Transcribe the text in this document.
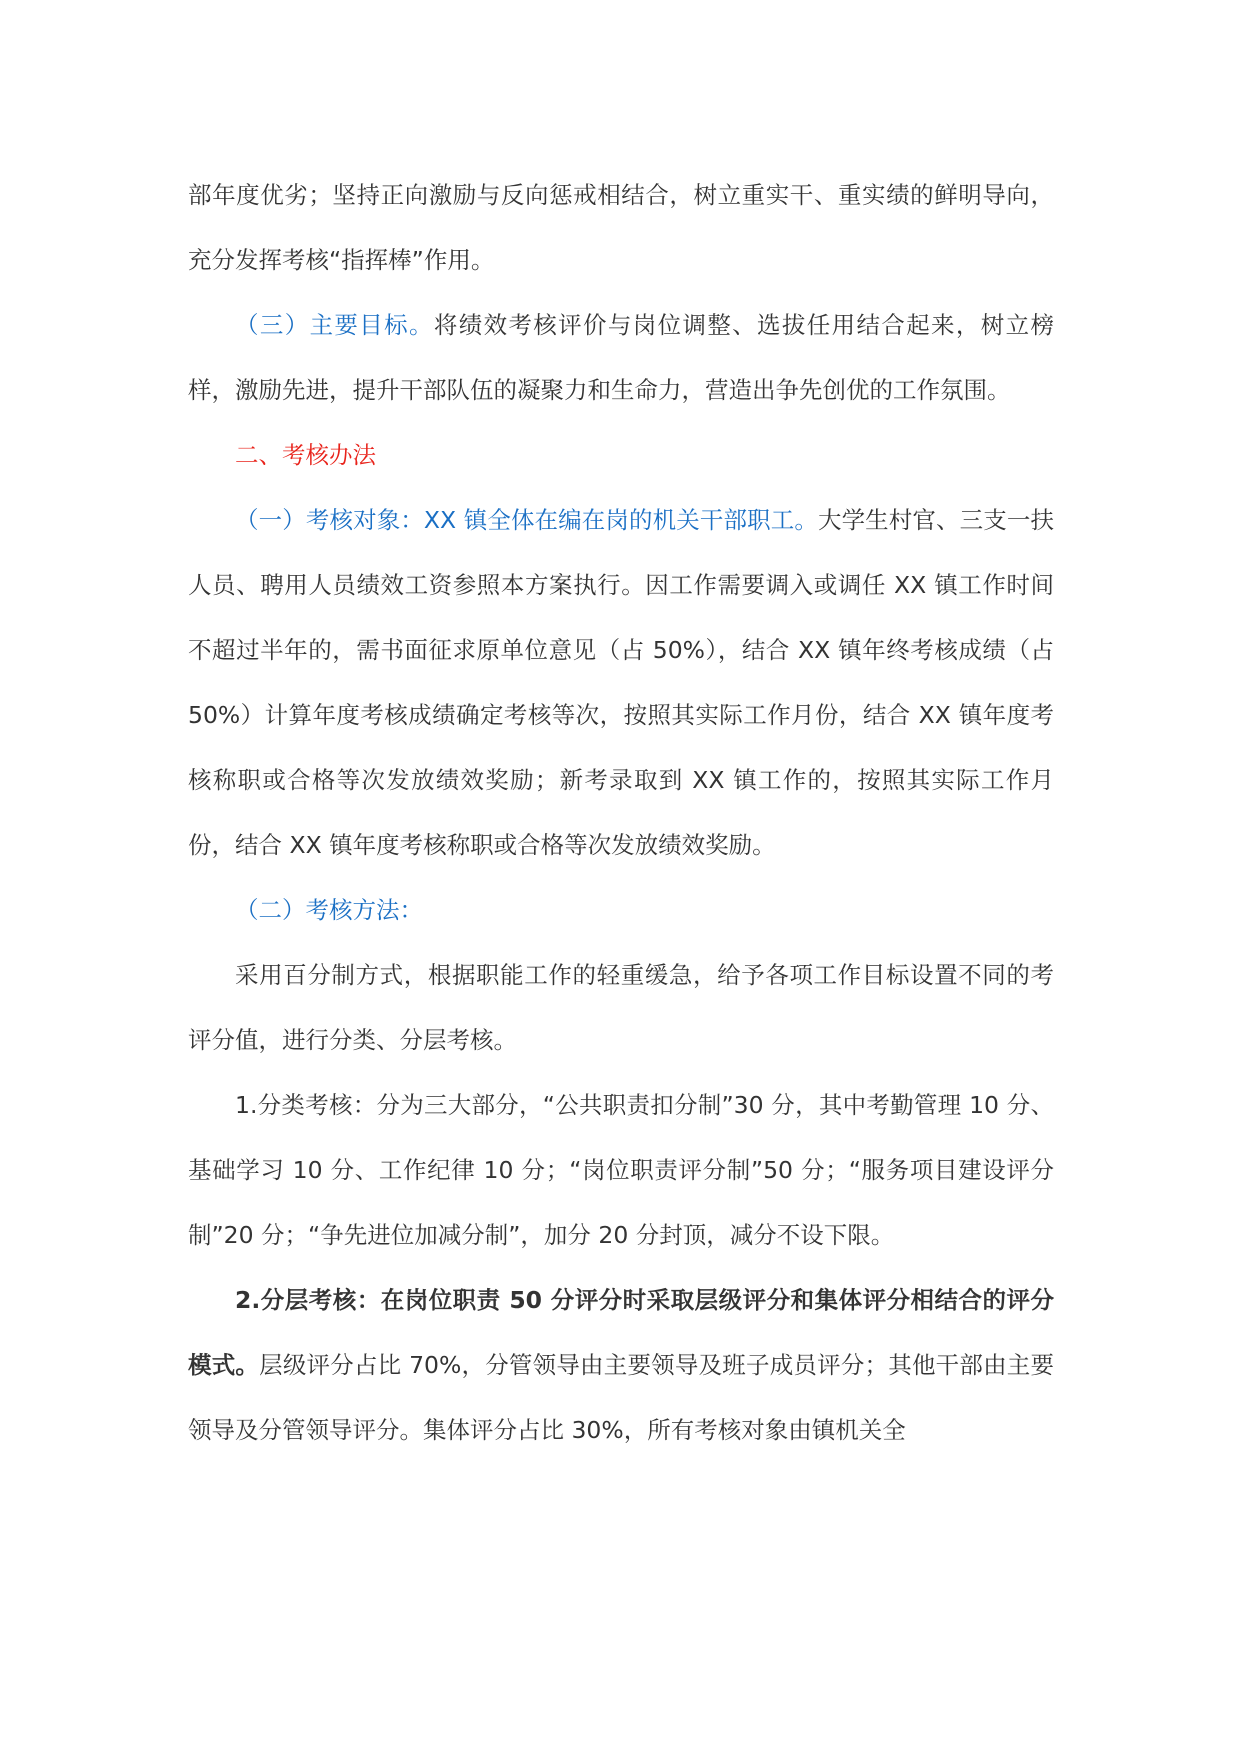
部年度优劣；坚持正向激励与反向惩戒相结合，树立重实干、重实绩的鲜明导向，充分发挥考核“指挥棒”作用。

（三）主要目标。将绩效考核评价与岗位调整、选拔任用结合起来，树立榜样，激励先进，提升干部队伍的凝聚力和生命力，营造出争先创优的工作氛围。

二、考核办法

（一）考核对象：XX 镇全体在编在岗的机关干部职工。大学生村官、三支一扶人员、聘用人员绩效工资参照本方案执行。因工作需要调入或调任 XX 镇工作时间不超过半年的，需书面征求原单位意见（占 50%），结合 XX 镇年终考核成绩（占 50%）计算年度考核成绩确定考核等次，按照其实际工作月份，结合 XX 镇年度考核称职或合格等次发放绩效奖励；新考录取到 XX 镇工作的，按照其实际工作月份，结合 XX 镇年度考核称职或合格等次发放绩效奖励。

（二）考核方法：

采用百分制方式，根据职能工作的轻重缓急，给予各项工作目标设置不同的考评分值，进行分类、分层考核。

1.分类考核：分为三大部分，“公共职责扣分制”30 分，其中考勤管理 10 分、基础学习 10 分、工作纪律 10 分；“岗位职责评分制”50 分；“服务项目建设评分制”20 分；“争先进位加减分制”，加分 20 分封顶，减分不设下限。

2.分层考核：在岗位职责 50 分评分时采取层级评分和集体评分相结合的评分模式。层级评分占比 70%，分管领导由主要领导及班子成员评分；其他干部由主要领导及分管领导评分。集体评分占比 30%，所有考核对象由镇机关全
